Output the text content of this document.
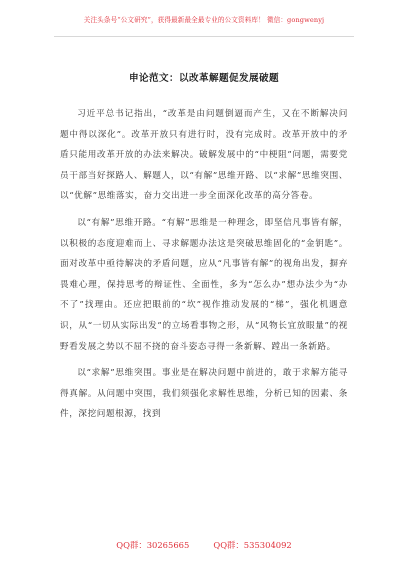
关注头条号“公文研究”，获得最新最全最专业的公文资料库！ 微信：gongwenyj
申论范文：以改革解题促发展破题

习近平总书记指出，“改革是由问题倒逼而产生，又在不断解决问题中得以深化”。改革开放只有进行时，没有完成时。改革开放中的矛盾只能用改革开放的办法来解决。破解发展中的“中梗阻”问题，需要党员干部当好探路人、解题人，以“有解”思维开路、以“求解”思维突围、以“优解”思维落实，奋力交出进一步全面深化改革的高分答卷。

以“有解”思维开路。“有解”思维是一种理念，即坚信凡事皆有解，以积极的态度迎难而上、寻求解题办法这是突破思维固化的“金钥匙”。面对改革中亟待解决的矛盾问题，应从“凡事皆有解”的视角出发，摒弃畏难心理，保持思考的辩证性、全面性，多为“怎么办”想办法少为“办不了”找理由。还应把眼前的“坎”视作推动发展的“梯”，强化机遇意识，从“一切从实际出发”的立场看事物之形，从“风物长宜放眼量”的视野看发展之势以不屈不挠的奋斗姿态寻得一条新解、蹚出一条新路。

以“求解”思维突围。事业是在解决问题中前进的，敢于求解方能寻得真解。从问题中突围，我们须强化求解性思维，分析已知的因素、条件，深挖问题根源，找到

QQ群：30265665	QQ群：535304092
